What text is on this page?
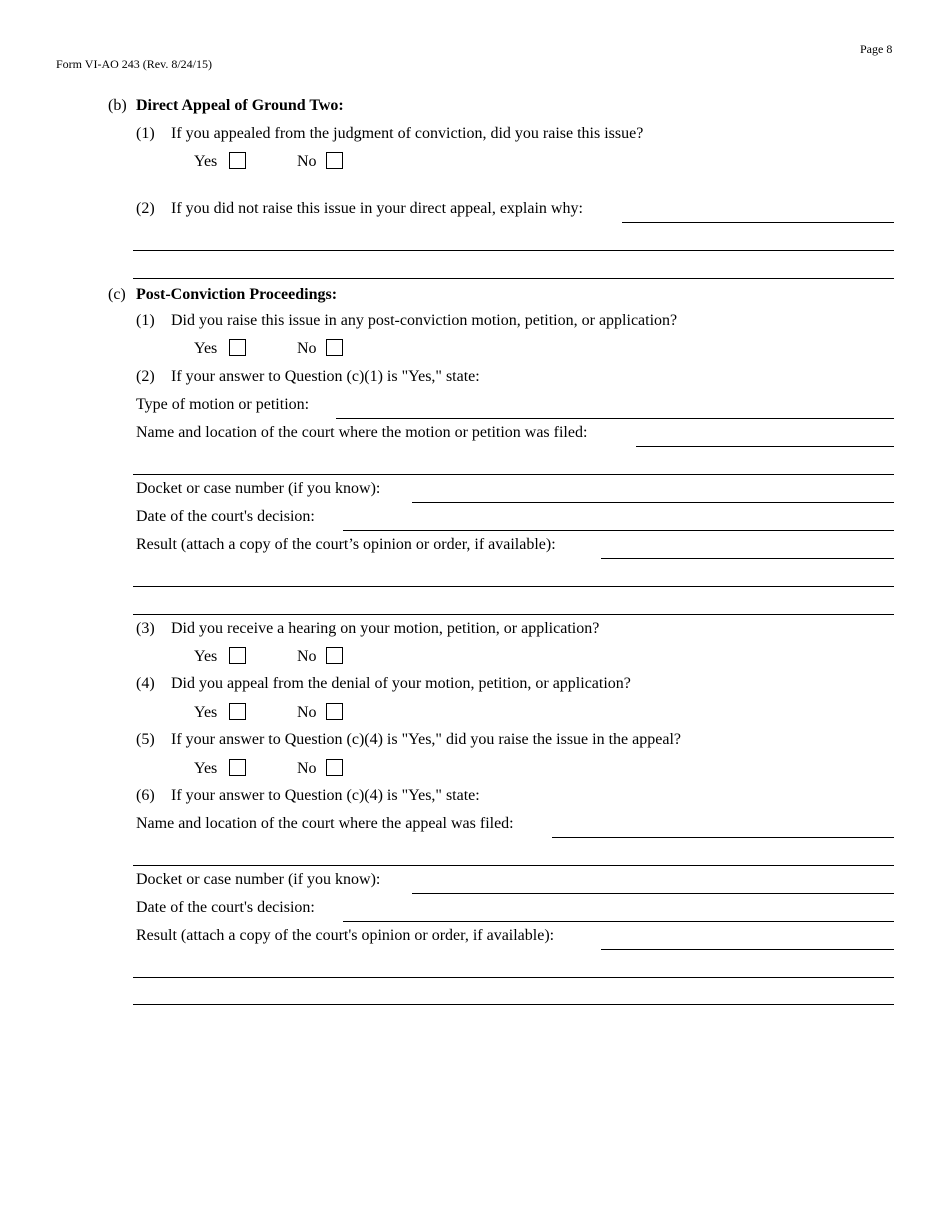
Page 8
Form VI-AO 243 (Rev. 8/24/15)
(b) Direct Appeal of Ground Two:
(1) If you appealed from the judgment of conviction, did you raise this issue?
Yes	No
(2) If you did not raise this issue in your direct appeal, explain why:
(c) Post-Conviction Proceedings:
(1) Did you raise this issue in any post-conviction motion, petition, or application?
Yes	No
(2) If your answer to Question (c)(1) is "Yes," state:
Type of motion or petition:
Name and location of the court where the motion or petition was filed:
Docket or case number (if you know):
Date of the court's decision:
Result (attach a copy of the court’s opinion or order, if available):
(3) Did you receive a hearing on your motion, petition, or application?
Yes	No
(4) Did you appeal from the denial of your motion, petition, or application?
Yes	No
(5) If your answer to Question (c)(4) is "Yes," did you raise the issue in the appeal?
Yes	No
(6) If your answer to Question (c)(4) is "Yes," state:
Name and location of the court where the appeal was filed:
Docket or case number (if you know):
Date of the court's decision:
Result (attach a copy of the court's opinion or order, if available):
